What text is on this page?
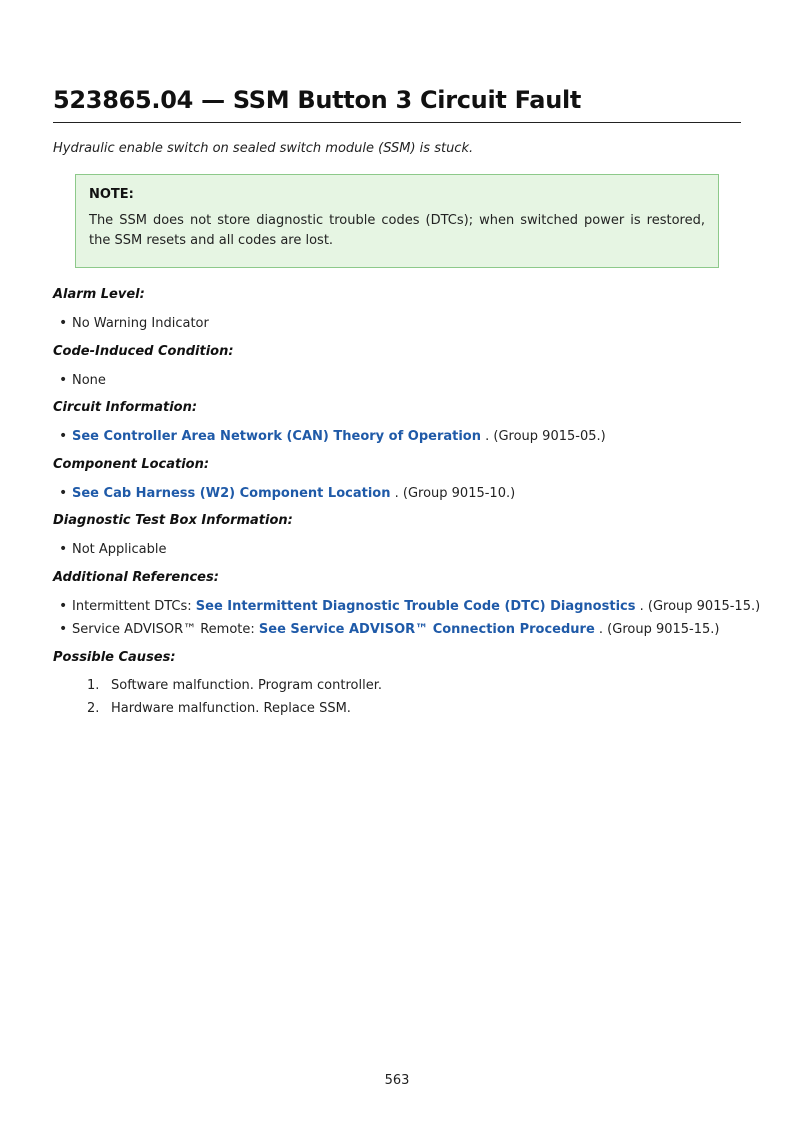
523865.04 — SSM Button 3 Circuit Fault
Hydraulic enable switch on sealed switch module (SSM) is stuck.
NOTE:
The SSM does not store diagnostic trouble codes (DTCs); when switched power is restored, the SSM resets and all codes are lost.
Alarm Level:
• No Warning Indicator
Code-Induced Condition:
• None
Circuit Information:
• See Controller Area Network (CAN) Theory of Operation . (Group 9015-05.)
Component Location:
• See Cab Harness (W2) Component Location . (Group 9015-10.)
Diagnostic Test Box Information:
• Not Applicable
Additional References:
• Intermittent DTCs: See Intermittent Diagnostic Trouble Code (DTC) Diagnostics . (Group 9015-15.)
• Service ADVISOR™ Remote: See Service ADVISOR™ Connection Procedure . (Group 9015-15.)
Possible Causes:
1. Software malfunction. Program controller.
2. Hardware malfunction. Replace SSM.
563
